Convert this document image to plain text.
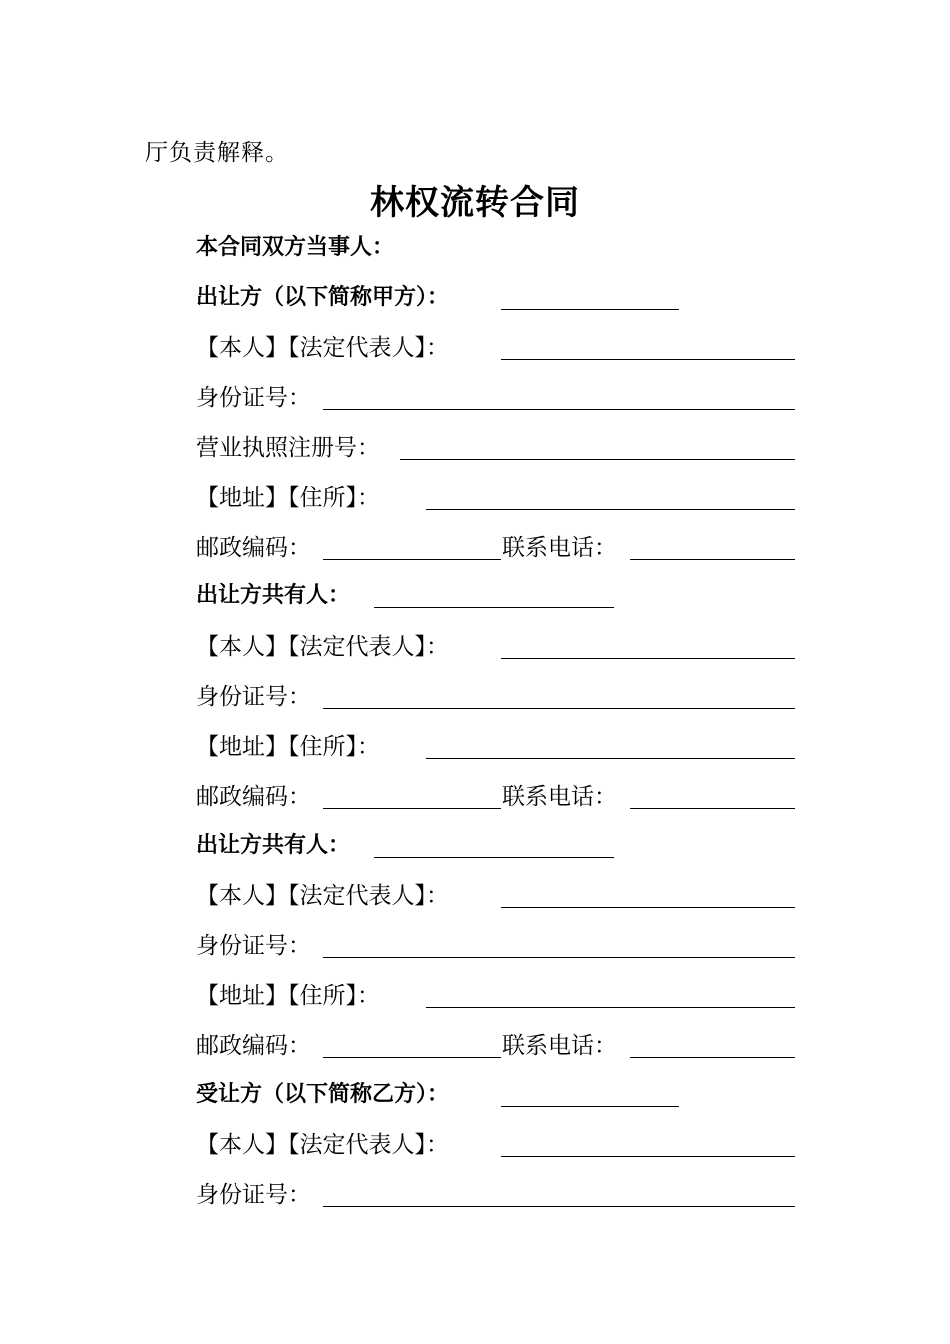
厅负责解释。
林权流转合同
本合同双方当事人：
出让方（以下简称甲方）：
【本人】【法定代表人】：
身份证号：
营业执照注册号：
【地址】【住所】：
邮政编码：	联系电话：
出让方共有人：
【本人】【法定代表人】：
身份证号：
【地址】【住所】：
邮政编码：	联系电话：
出让方共有人：
【本人】【法定代表人】：
身份证号：
【地址】【住所】：
邮政编码：	联系电话：
受让方（以下简称乙方）：
【本人】【法定代表人】：
身份证号：
